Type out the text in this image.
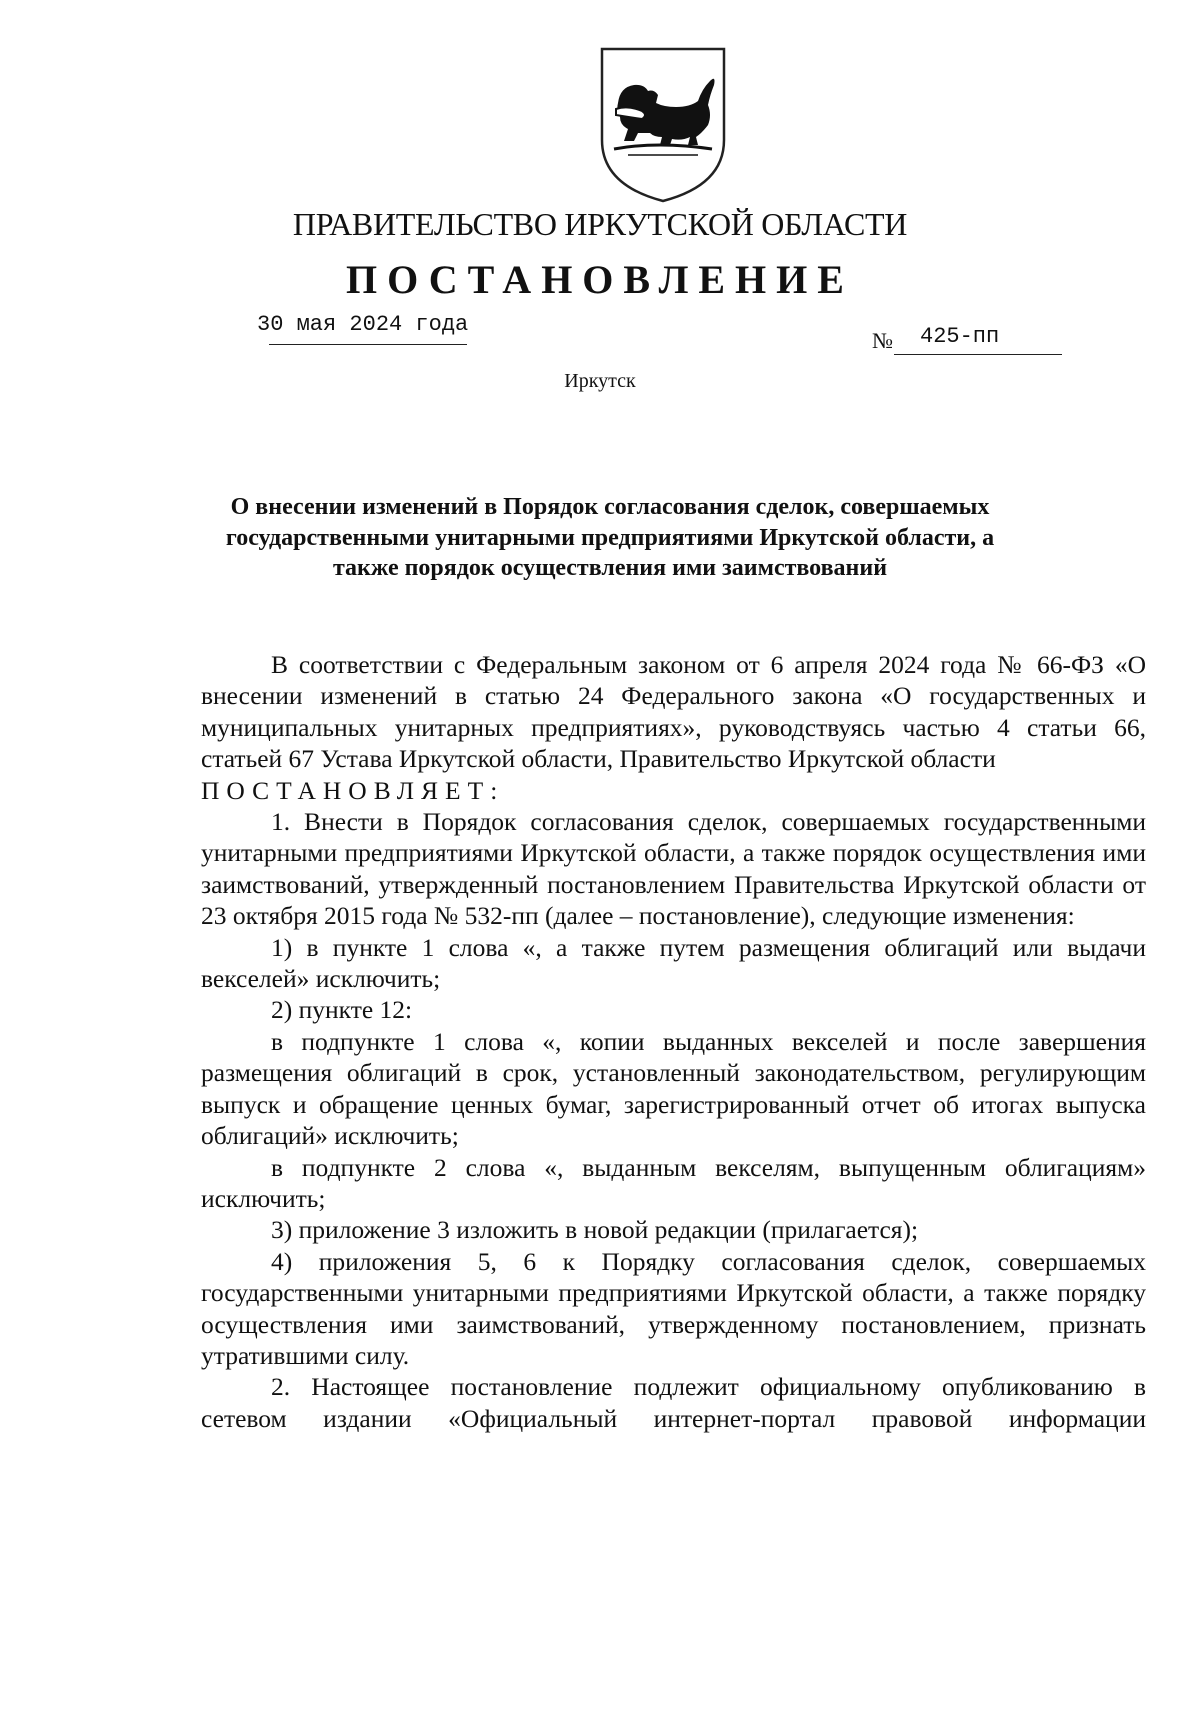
ПРАВИТЕЛЬСТВО ИРКУТСКОЙ ОБЛАСТИ
ПОСТАНОВЛЕНИЕ
30 мая 2024 года
№ 425-пп
Иркутск
О внесении изменений в Порядок согласования сделок, совершаемых государственными унитарными предприятиями Иркутской области, а также порядок осуществления ими заимствований

В соответствии с Федеральным законом от 6 апреля 2024 года № 66-ФЗ «О внесении изменений в статью 24 Федерального закона «О государственных и муниципальных унитарных предприятиях», руководствуясь частью 4 статьи 66, статьей 67 Устава Иркутской области, Правительство Иркутской области

ПОСТАНОВЛЯЕТ:

1. Внести в Порядок согласования сделок, совершаемых государственными унитарными предприятиями Иркутской области, а также порядок осуществления ими заимствований, утвержденный постановлением Правительства Иркутской области от 23 октября 2015 года № 532-пп (далее – постановление), следующие изменения:

1) в пункте 1 слова «, а также путем размещения облигаций или выдачи векселей» исключить;

2) пункте 12:

в подпункте 1 слова «, копии выданных векселей и после завершения размещения облигаций в срок, установленный законодательством, регулирующим выпуск и обращение ценных бумаг, зарегистрированный отчет об итогах выпуска облигаций» исключить;

в подпункте 2 слова «, выданным векселям, выпущенным облигациям» исключить;

3) приложение 3 изложить в новой редакции (прилагается);

4) приложения 5, 6 к Порядку согласования сделок, совершаемых государственными унитарными предприятиями Иркутской области, а также порядку осуществления ими заимствований, утвержденному постановлением, признать утратившими силу.

2. Настоящее постановление подлежит официальному опубликованию в сетевом издании «Официальный интернет-портал правовой информации
